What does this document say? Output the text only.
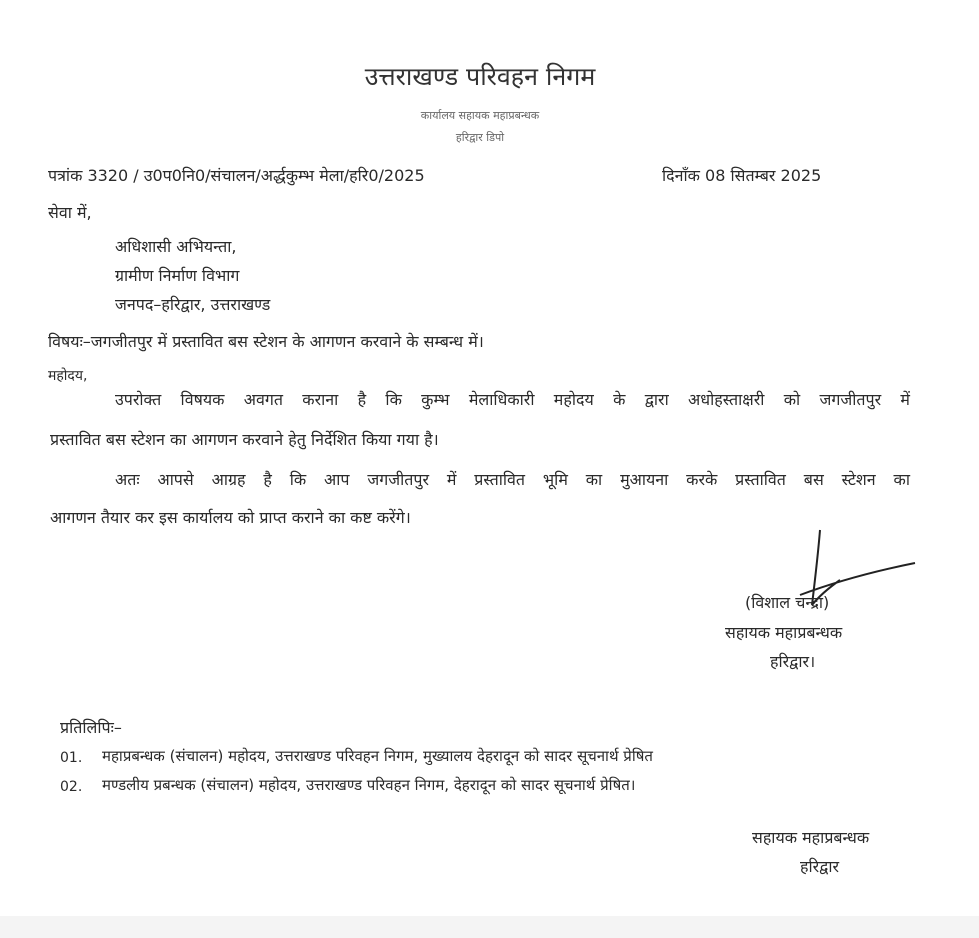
उत्तराखण्ड परिवहन निगम
कार्यालय सहायक महाप्रबन्धक
हरिद्वार डिपो
पत्रांक 3320 / उ0प0नि0/संचालन/अर्द्धकुम्भ मेला/हरि0/2025	दिनाँक 08 सितम्बर 2025
सेवा में,
अधिशासी अभियन्ता,
ग्रामीण निर्माण विभाग
जनपद–हरिद्वार, उत्तराखण्ड
विषयः–जगजीतपुर में प्रस्तावित बस स्टेशन के आगणन करवाने के सम्बन्ध में।
महोदय,
उपरोक्त विषयक अवगत कराना है कि कुम्भ मेलाधिकारी महोदय के द्वारा अधोहस्ताक्षरी को जगजीतपुर में
प्रस्तावित बस स्टेशन का आगणन करवाने हेतु निर्देशित किया गया है।
अतः आपसे आग्रह है कि आप जगजीतपुर में प्रस्तावित भूमि का मुआयना करके प्रस्तावित बस स्टेशन का
आगणन तैयार कर इस कार्यालय को प्राप्त कराने का कष्ट करेंगे।
(विशाल चन्द्रा)
सहायक महाप्रबन्धक
हरिद्वार।
प्रतिलिपिः–
01. महाप्रबन्धक (संचालन) महोदय, उत्तराखण्ड परिवहन निगम, मुख्यालय देहरादून को सादर सूचनार्थ प्रेषित
02. मण्डलीय प्रबन्धक (संचालन) महोदय, उत्तराखण्ड परिवहन निगम, देहरादून को सादर सूचनार्थ प्रेषित।
सहायक महाप्रबन्धक
हरिद्वार
